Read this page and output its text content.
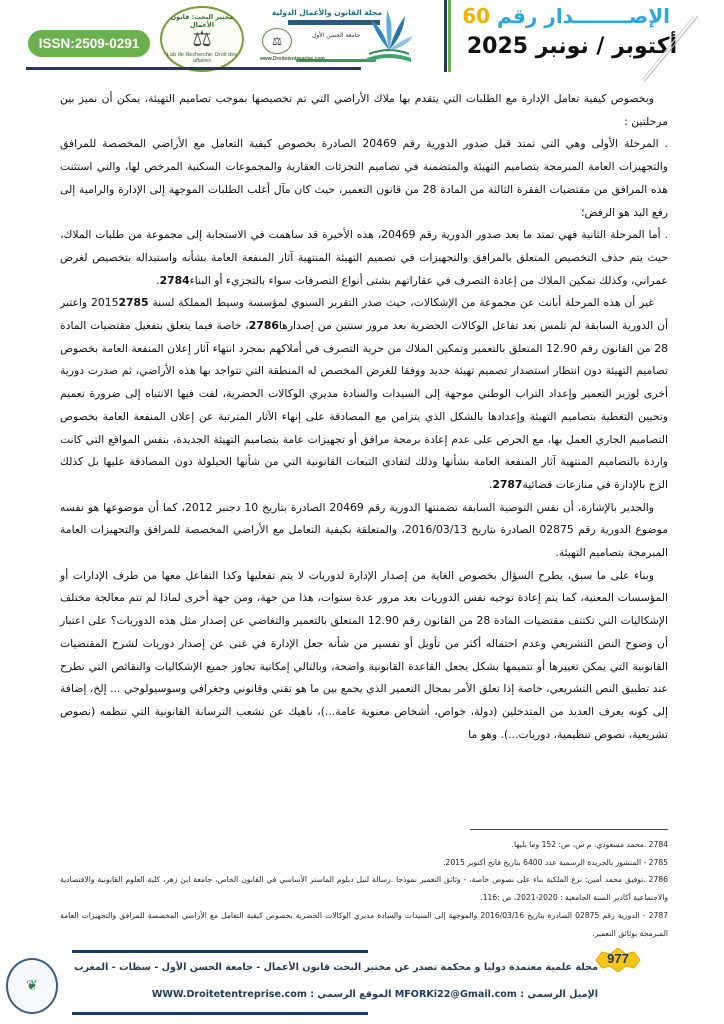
ISSN:2509-0291
مختبر البحث: قانون الأعمال
⚖
Lab de Recherche: Droit des affaires
مجلة القانون والأعمال الدولية
⚖	جامعة الحسن الأول
www.Droitetentreprise.com
الإصــــــــدار رقم 60
أكتوبر / نونبر 2025

وبخصوص كيفية تعامل الإدارة مع الطلبات التي يتقدم بها ملاك الأراضي التي تم تخصيصها بموجب تصاميم التهيئة، يمكن أن نميز بين مرحلتين :

. المرحلة الأولى وهي التي تمتد قبل صدور الدورية رقم 20469 الصادرة بخصوص كيفية التعامل مع الأراضي المخصصة للمرافق والتجهيزات العامة المبرمجة بتصاميم التهيئة والمتضمنة في تصاميم التجزئات العقارية والمجموعات السكنية المرخص لها، والتي استثنت هذه المرافق من مقتضيات الفقرة الثالثة من المادة 28 من قانون التعمير، حيث كان مآل أغلب الطلبات الموجهة إلى الإدارة والرامية إلى رفع اليد هو الرفض؛

. أما المرحلة الثانية فهي تمتد ما بعد صدور الدورية رقم 20469، هذه الأخيرة قد ساهمت في الاستجابة إلى مجموعة من طلبات الملاك، حيث يتم حذف التخصيص المتعلق بالمرافق والتجهيزات في تصميم التهيئة المنتهية آثار المنفعة العامة بشأنه واستبداله بتخصيص لغرض عمراني، وكذلك تمكين الملاك من إعادة التصرف في عقاراتهم بشتى أنواع التصرفات سواء بالتجزيء أو البناء2784.

غير أن هذه المرحلة أبانت عن مجموعة من الإشكالات، حيث صدر التقرير السنوي لمؤسسة وسيط المملكة لسنة 20152785 واعتبر أن الدورية السابقة لم تلمس بعد تفاعل الوكالات الحضرية بعد مرور سنتين من إصدارها2786، خاصة فيما يتعلق بتفعيل مقتضيات المادة 28 من القانون رقم 12.90 المتعلق بالتعمير وتمكين الملاك من حرية التصرف في أملاكهم بمجرد انتهاء آثار إعلان المنفعة العامة بخصوص تصاميم التهيئة دون انتظار استصدار تصميم تهيئة جديد ووفقا للغرض المخصص له المنطقة التي تتواجد بها هذه الأراضي، ثم صدرت دورية أخرى لوزير التعمير وإعداد التراب الوطني موجهة إلى السيدات والسادة مديري الوكالات الحضرية، لفت فيها الانتباه إلى ضرورة تعميم وتحيين التغطية بتصاميم التهيئة وإعدادها بالشكل الذي يتزامن مع المصادقة على إنهاء الآثار المترتبة عن إعلان المنفعة العامة بخصوص التصاميم الجاري العمل بها، مع الحرص على عدم إعادة برمجة مرافق أو تجهيزات عامة بتصاميم التهيئة الجديدة، بنفس المواقع التي كانت واردة بالتصاميم المنتهية آثار المنفعة العامة بشأنها وذلك لتفادي التبعات القانونية التي من شأنها الحيلولة دون المصادقة عليها بل كذلك الزج بالإدارة في منازعات قضائية2787.

والجدير بالإشارة، أن نفس التوصية السابقة تضمنتها الدورية رقم 20469 الصادرة بتاريخ 10 دجنبر 2012، كما أن موضوعها هو نفسه موضوع الدورية رقم 02875 الصادرة بتاريخ 2016/03/13، والمتعلقة بكيفية التعامل مع الأراضي المخصصة للمرافق والتجهيزات العامة المبرمجة بتصاميم التهيئة.

وبناء على ما سبق، يطرح السؤال بخصوص الغاية من إصدار الإدارة لدوريات لا يتم تفعليها وكذا التفاعل معها من طرف الإدارات أو المؤسسات المعنية، كما يتم إعادة توجيه نفس الدوريات بعد مرور عدة سنوات، هذا من جهة، ومن جهة أخرى لماذا لم تتم معالجة مختلف الإشكاليات التي تكتنف مقتضيات المادة 28 من القانون رقم 12.90 المتعلق بالتعمير والتغاضي عن إصدار مثل هذه الدوريات؟ على اعتبار أن وضوح النص التشريعي وعدم احتماله أكثر من تأويل أو تفسير من شأنه جعل الإدارة في غنى عن إصدار دوريات لشرح المقتضيات القانونية التي يمكن تغييرها أو تتميمها بشكل يجعل القاعدة القانونية واضحة، وبالتالي إمكانية تجاوز جميع الإشكاليات والنقائص التي تطرح عند تطبيق النص التشريعي، خاصة إذا تعلق الأمر بمجال التعمير الذي يجمع بين ما هو تقني وقانوني وجغرافي وسوسيولوجي ... إلخ، إضافة إلى كونه يعرف العديد من المتدخلين (دولة، خواص، أشخاص معنوية عامة...)، ناهيك عن تشعب الترسانة القانونية التي تنظمه (نصوص تشريعية، نصوص تنظيمية، دوريات...). وهو ما

2784 .محمد مسعودي، م س، ص: 152 وما يليها.

2785 - المنشور بالجريدة الرسمية عدد 6400 بتاريخ فاتح أكتوبر 2015.

2786 .توفيق محمد أمين: نزع الملكية بناء على نصوص خاصة، - وثائق التعمير نموذجا .رسالة لنيل دبلوم الماستر الأساسي في القانون الخاص، جامعة ابن زهر، كلية العلوم القانونية والاقتصادية والاجتماعية أكادير السنة الجامعية : 2020-2021، ص :116.

2787 - الدورية رقم 02875 الصادرة بتاريخ 2016/03/16 والموجهة إلى السيدات والسادة مديري الوكالات الحضرية بخصوص كيفية التعامل مع الأراضي المخصصة للمرافق والتجهيزات العامة المبرمجة بوثائق التعمير.

مجلة علمية معتمدة دوليا و محكمة تصدر عن مختبر البحث قانون الأعمال - جامعة الحسن الأول - سطات - المغرب
الإميل الرسمي : MFORKi22@Gmail.com الموقع الرسمي : WWW.Droitetentreprise.com
977
❦
